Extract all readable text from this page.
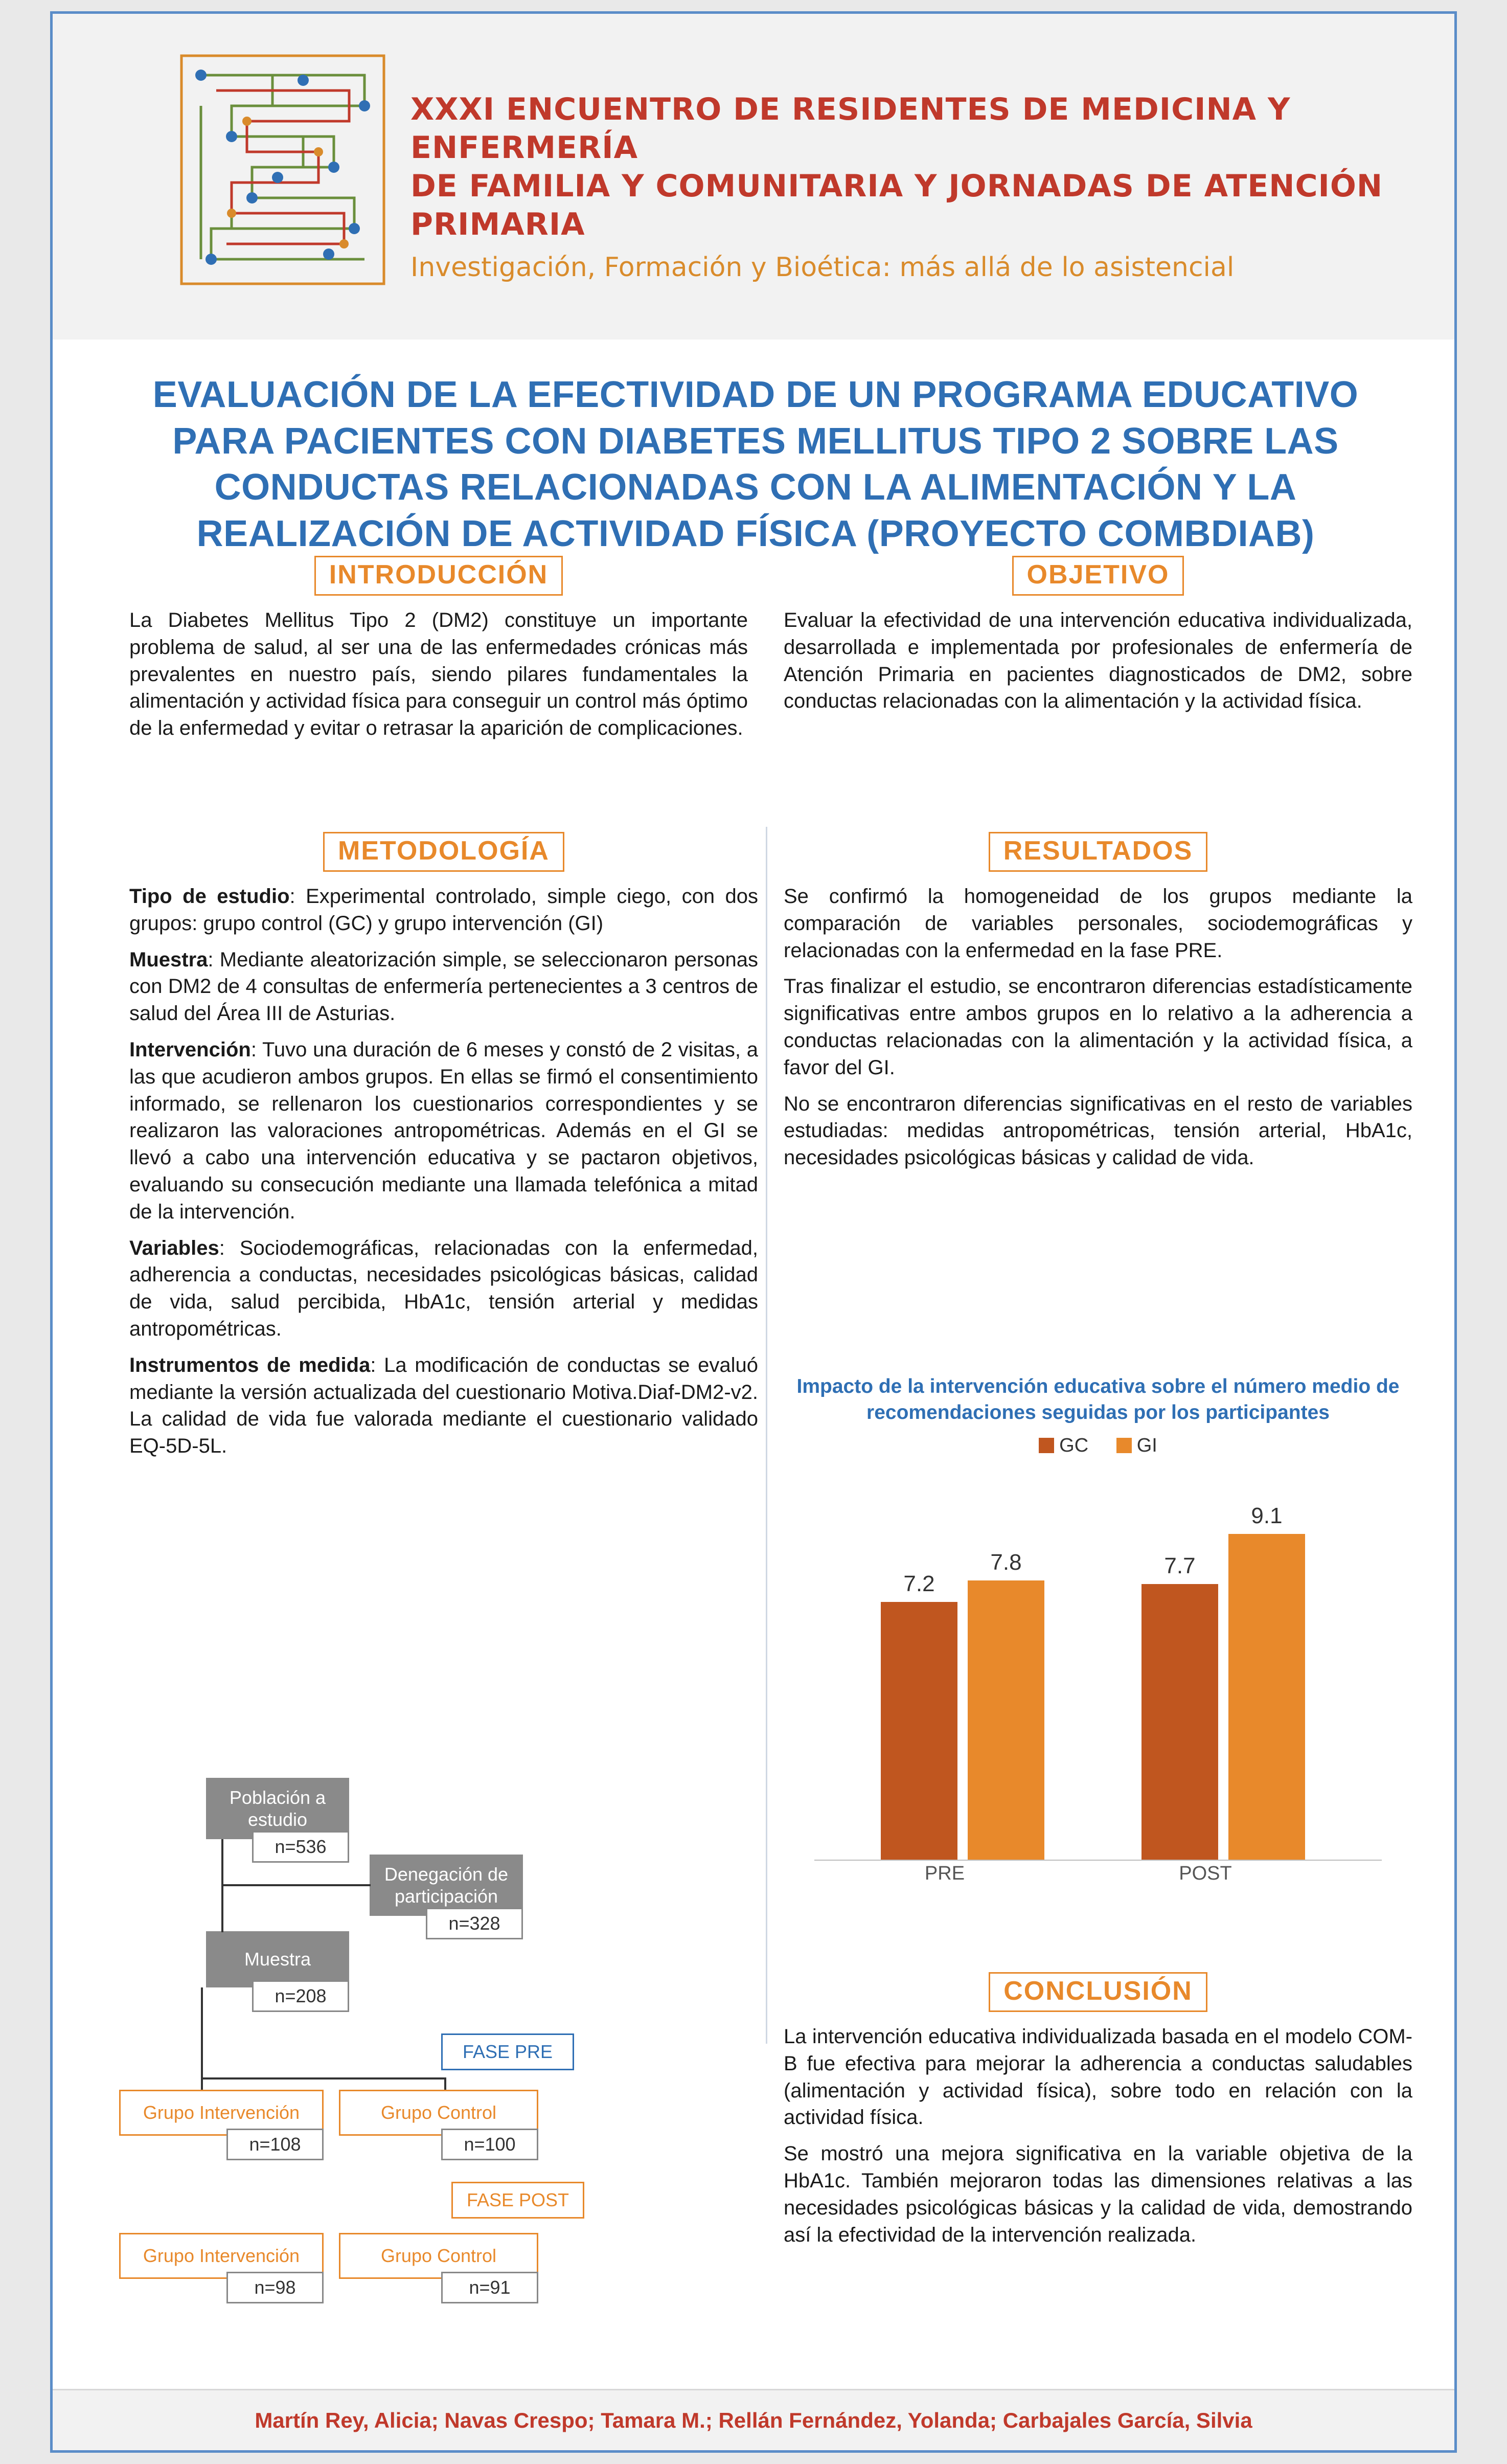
XXXI ENCUENTRO DE RESIDENTES DE MEDICINA Y ENFERMERÍA
DE FAMILIA Y COMUNITARIA Y JORNADAS DE ATENCIÓN PRIMARIA
Investigación, Formación y Bioética: más allá de lo asistencial
EVALUACIÓN DE LA EFECTIVIDAD DE UN PROGRAMA EDUCATIVO PARA PACIENTES CON DIABETES MELLITUS TIPO 2 SOBRE LAS CONDUCTAS RELACIONADAS CON LA ALIMENTACIÓN Y LA REALIZACIÓN DE ACTIVIDAD FÍSICA (PROYECTO COMBDIAB)
INTRODUCCIÓN

La Diabetes Mellitus Tipo 2 (DM2) constituye un importante problema de salud, al ser una de las enfermedades crónicas más prevalentes en nuestro país, siendo pilares fundamentales la alimentación y actividad física para conseguir un control más óptimo de la enfermedad y evitar o retrasar la aparición de complicaciones.

OBJETIVO

Evaluar la efectividad de una intervención educativa individualizada, desarrollada e implementada por profesionales de enfermería de Atención Primaria en pacientes diagnosticados de DM2, sobre conductas relacionadas con la alimentación y la actividad física.

METODOLOGÍA

Tipo de estudio: Experimental controlado, simple ciego, con dos grupos: grupo control (GC) y grupo intervención (GI)

Muestra: Mediante aleatorización simple, se seleccionaron personas con DM2 de 4 consultas de enfermería pertenecientes a 3 centros de salud del Área III de Asturias.

Intervención: Tuvo una duración de 6 meses y constó de 2 visitas, a las que acudieron ambos grupos. En ellas se firmó el consentimiento informado, se rellenaron los cuestionarios correspondientes y se realizaron las valoraciones antropométricas. Además en el GI se llevó a cabo una intervención educativa y se pactaron objetivos, evaluando su consecución mediante una llamada telefónica a mitad de la intervención.

Variables: Sociodemográficas, relacionadas con la enfermedad, adherencia a conductas, necesidades psicológicas básicas, calidad de vida, salud percibida, HbA1c, tensión arterial y medidas antropométricas.

Instrumentos de medida: La modificación de conductas se evaluó mediante la versión actualizada del cuestionario Motiva.Diaf-DM2-v2. La calidad de vida fue valorada mediante el cuestionario validado EQ-5D-5L.

RESULTADOS

Se confirmó la homogeneidad de los grupos mediante la comparación de variables personales, sociodemográficas y relacionadas con la enfermedad en la fase PRE.

Tras finalizar el estudio, se encontraron diferencias estadísticamente significativas entre ambos grupos en lo relativo a la adherencia a conductas relacionadas con la alimentación y la actividad física, a favor del GI.

No se encontraron diferencias significativas en el resto de variables estudiadas: medidas antropométricas, tensión arterial, HbA1c, necesidades psicológicas básicas y calidad de vida.

Impacto de la intervención educativa sobre el número medio de recomendaciones seguidas por los participantes
GC GI
7.2
7.8	7.7
9.1
PRE	POST
CONCLUSIÓN

La intervención educativa individualizada basada en el modelo COM-B fue efectiva para mejorar la adherencia a conductas saludables (alimentación y actividad física), sobre todo en relación con la actividad física.

Se mostró una mejora significativa en la variable objetiva de la HbA1c. También mejoraron todas las dimensiones relativas a las necesidades psicológicas básicas y la calidad de vida, demostrando así la efectividad de la intervención realizada.

Población a estudio
n=536
Denegación de participación
n=328
Muestra
n=208
FASE PRE
Grupo Intervención
n=108
Grupo Control
n=100
FASE POST
Grupo Intervención
n=98
Grupo Control
n=91
Martín Rey, Alicia; Navas Crespo; Tamara M.; Rellán Fernández, Yolanda; Carbajales García, Silvia
